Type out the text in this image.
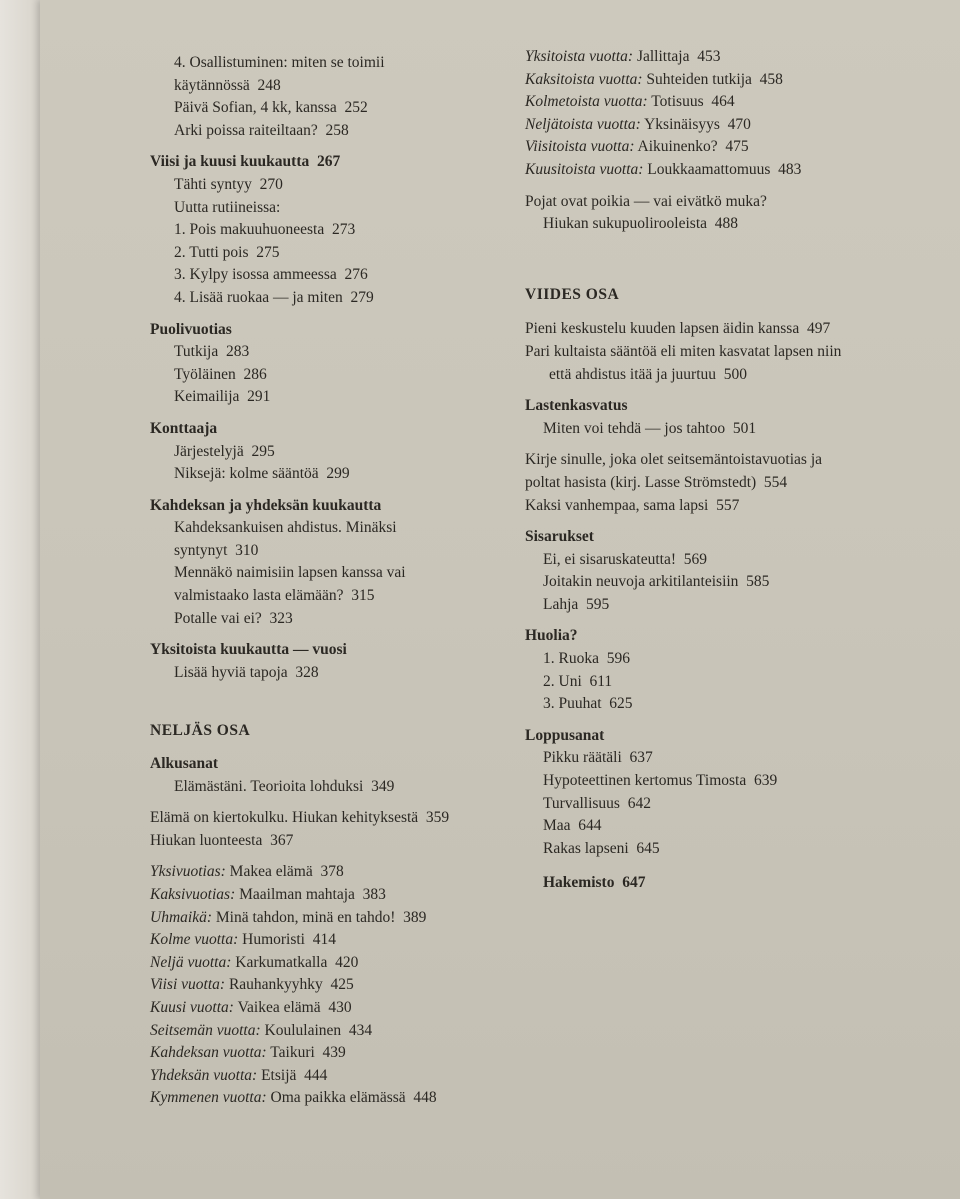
4. Osallistuminen: miten se toimii
käytännössä  248
Päivä Sofian, 4 kk, kanssa  252
Arki poissa raiteiltaan?  258
Viisi ja kuusi kuukautta  267
Tähti syntyy  270
Uutta rutiineissa:
1. Pois makuuhuoneesta  273
2. Tutti pois  275
3. Kylpy isossa ammeessa  276
4. Lisää ruokaa — ja miten  279
Puolivuotias
Tutkija  283
Työläinen  286
Keimailija  291
Konttaaja
Järjestelyjä  295
Niksejä: kolme sääntöä  299
Kahdeksan ja yhdeksän kuukautta
Kahdeksankuisen ahdistus. Minäksi
syntynyt  310
Mennäkö naimisiin lapsen kanssa vai
valmistaako lasta elämään?  315
Potalle vai ei?  323
Yksitoista kuukautta — vuosi
Lisää hyviä tapoja  328
NELJÄS OSA
Alkusanat
Elämästäni. Teorioita lohduksi  349
Elämä on kiertokulku. Hiukan kehityksestä  359
Hiukan luonteesta  367
Yksivuotias: Makea elämä  378
Kaksivuotias: Maailman mahtaja  383
Uhmaikä: Minä tahdon, minä en tahdo!  389
Kolme vuotta: Humoristi  414
Neljä vuotta: Karkumatkalla  420
Viisi vuotta: Rauhankyyhky  425
Kuusi vuotta: Vaikea elämä  430
Seitsemän vuotta: Koululainen  434
Kahdeksan vuotta: Taikuri  439
Yhdeksän vuotta: Etsijä  444
Kymmenen vuotta: Oma paikka elämässä  448
Yksitoista vuotta: Jallittaja  453
Kaksitoista vuotta: Suhteiden tutkija  458
Kolmetoista vuotta: Totisuus  464
Neljätoista vuotta: Yksinäisyys  470
Viisitoista vuotta: Aikuinenko?  475
Kuusitoista vuotta: Loukkaamattomuus  483
Pojat ovat poikia — vai eivätkö muka?
Hiukan sukupuolirooleista  488
VIIDES OSA
Pieni keskustelu kuuden lapsen äidin kanssa  497
Pari kultaista sääntöä eli miten kasvatat lapsen niin
että ahdistus itää ja juurtuu  500
Lastenkasvatus
Miten voi tehdä — jos tahtoo  501
Kirje sinulle, joka olet seitsemäntoistavuotias ja
poltat hasista (kirj. Lasse Strömstedt)  554
Kaksi vanhempaa, sama lapsi  557
Sisarukset
Ei, ei sisaruskateutta!  569
Joitakin neuvoja arkitilanteisiin  585
Lahja  595
Huolia?
1. Ruoka  596
2. Uni  611
3. Puuhat  625
Loppusanat
Pikku räätäli  637
Hypoteettinen kertomus Timosta  639
Turvallisuus  642
Maa  644
Rakas lapseni  645
Hakemisto  647
